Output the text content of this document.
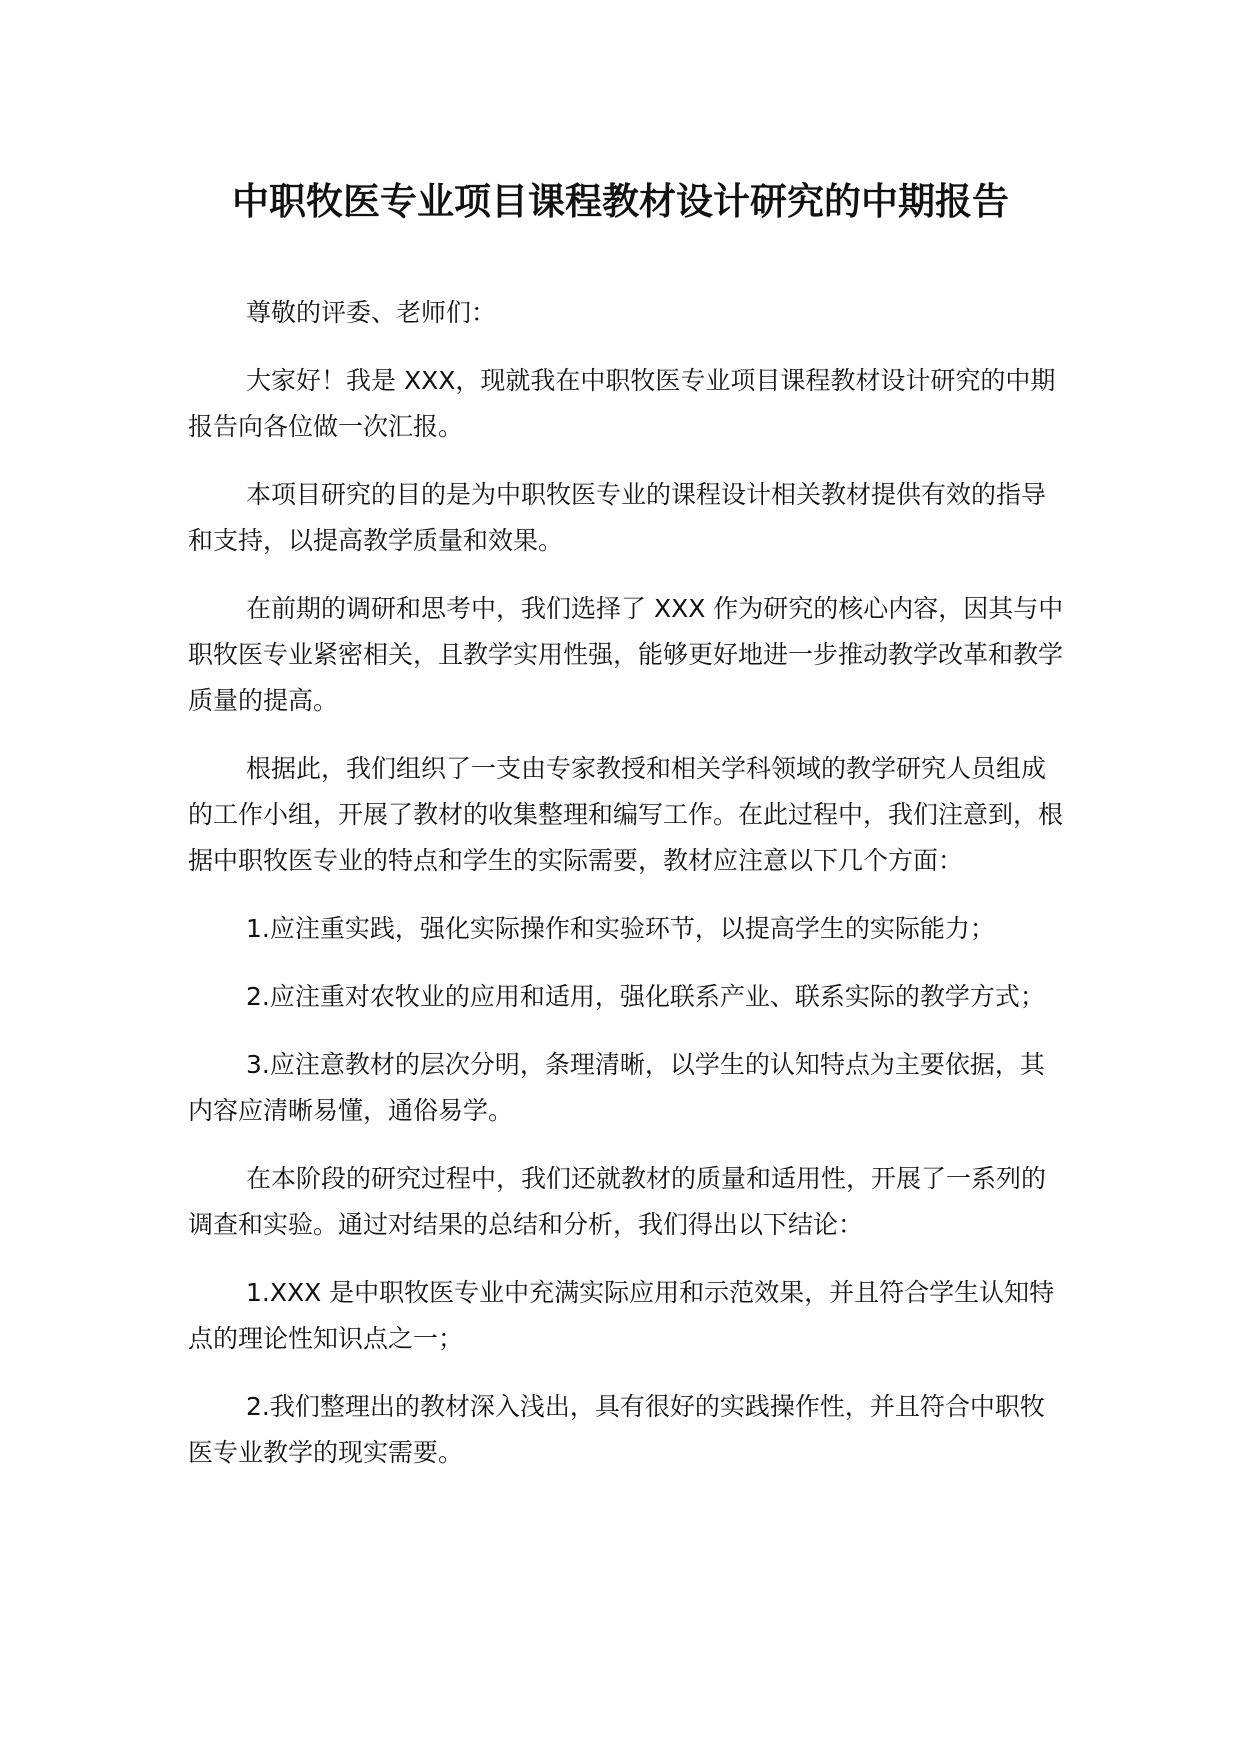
中职牧医专业项目课程教材设计研究的中期报告

尊敬的评委、老师们：

大家好！我是 XXX，现就我在中职牧医专业项目课程教材设计研究的中期报告向各位做一次汇报。

本项目研究的目的是为中职牧医专业的课程设计相关教材提供有效的指导和支持，以提高教学质量和效果。

在前期的调研和思考中，我们选择了 XXX 作为研究的核心内容，因其与中职牧医专业紧密相关，且教学实用性强，能够更好地进一步推动教学改革和教学质量的提高。

根据此，我们组织了一支由专家教授和相关学科领域的教学研究人员组成的工作小组，开展了教材的收集整理和编写工作。在此过程中，我们注意到，根据中职牧医专业的特点和学生的实际需要，教材应注意以下几个方面：

1.应注重实践，强化实际操作和实验环节，以提高学生的实际能力；

2.应注重对农牧业的应用和适用，强化联系产业、联系实际的教学方式；

3.应注意教材的层次分明，条理清晰，以学生的认知特点为主要依据，其内容应清晰易懂，通俗易学。

在本阶段的研究过程中，我们还就教材的质量和适用性，开展了一系列的调查和实验。通过对结果的总结和分析，我们得出以下结论：

1.XXX 是中职牧医专业中充满实际应用和示范效果，并且符合学生认知特点的理论性知识点之一；

2.我们整理出的教材深入浅出，具有很好的实践操作性，并且符合中职牧医专业教学的现实需要。
